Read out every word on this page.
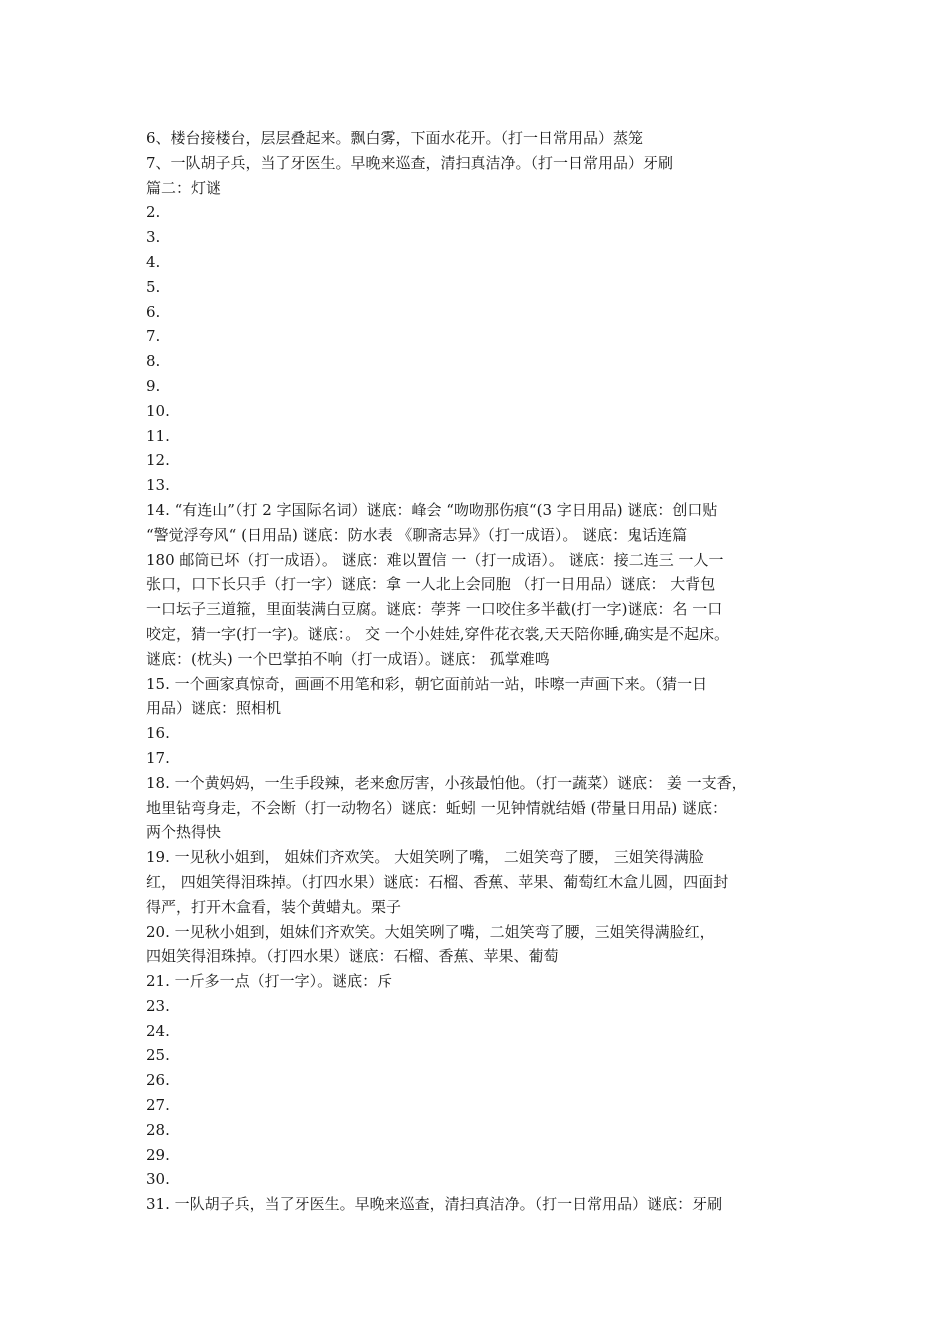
6、楼台接楼台，层层叠起来。飘白雾，下面水花开。（打一日常用品）蒸笼
7、一队胡子兵，当了牙医生。早晚来巡查，清扫真洁净。（打一日常用品）牙刷
篇二：灯谜
2.
3.
4.
5.
6.
7.
8.
9.
10.
11.
12.
13.
14. “有连山”（打 2 字国际名词）谜底：峰会 “吻吻那伤痕“(3 字日用品) 谜底：创口贴
“警觉浮夸风“ (日用品) 谜底：防水表 《聊斋志异》（打一成语）。 谜底：鬼话连篇
180 邮筒已坏（打一成语）。 谜底：难以置信 一（打一成语）。 谜底：接二连三 一人一
张口，口下长只手（打一字）谜底：拿 一人北上会同胞 （打一日用品）谜底： 大背包
一口坛子三道箍，里面装满白豆腐。谜底：荸荠 一口咬住多半截(打一字)谜底：名 一口
咬定，猜一字(打一字)。谜底：。 交 一个小娃娃,穿件花衣裳,天天陪你睡,确实是不起床。
谜底：(枕头) 一个巴掌拍不响（打一成语）。谜底： 孤掌难鸣
15. 一个画家真惊奇，画画不用笔和彩，朝它面前站一站，咔嚓一声画下来。（猜一日
用品）谜底：照相机
16.
17.
18. 一个黄妈妈，一生手段辣，老来愈厉害，小孩最怕他。（打一蔬菜）谜底： 姜 一支香，
地里钻弯身走，不会断（打一动物名）谜底：蚯蚓 一见钟情就结婚 (带量日用品) 谜底：
两个热得快
19. 一见秋小姐到， 姐妹们齐欢笑。 大姐笑咧了嘴， 二姐笑弯了腰， 三姐笑得满脸
红， 四姐笑得泪珠掉。（打四水果）谜底：石榴、香蕉、苹果、葡萄红木盒儿圆，四面封
得严，打开木盒看，装个黄蜡丸。栗子
20. 一见秋小姐到，姐妹们齐欢笑。大姐笑咧了嘴，二姐笑弯了腰，三姐笑得满脸红，
四姐笑得泪珠掉。（打四水果）谜底：石榴、香蕉、苹果、葡萄
21. 一斤多一点（打一字）。谜底：斥
23.
24.
25.
26.
27.
28.
29.
30.
31. 一队胡子兵，当了牙医生。早晚来巡查，清扫真洁净。（打一日常用品）谜底：牙刷
